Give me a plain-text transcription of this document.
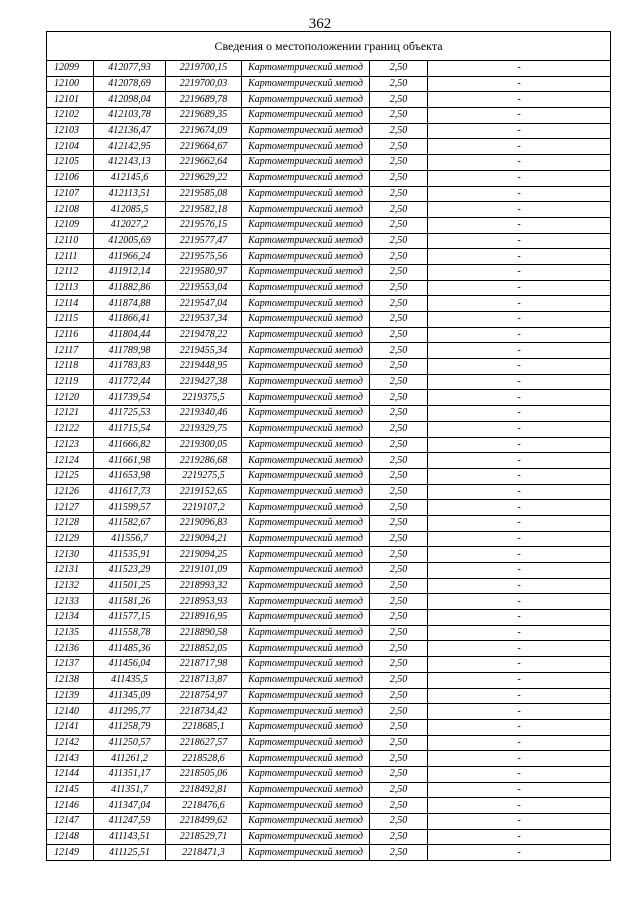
362
Сведения о местоположении границ объекта					
12099	412077,93	2219700,15	Картометрический метод	2,50	-
12100	412078,69	2219700,03	Картометрический метод	2,50	-
12101	412098,04	2219689,78	Картометрический метод	2,50	-
12102	412103,78	2219689,35	Картометрический метод	2,50	-
12103	412136,47	2219674,09	Картометрический метод	2,50	-
12104	412142,95	2219664,67	Картометрический метод	2,50	-
12105	412143,13	2219662,64	Картометрический метод	2,50	-
12106	412145,6	2219629,22	Картометрический метод	2,50	-
12107	412113,51	2219585,08	Картометрический метод	2,50	-
12108	412085,5	2219582,18	Картометрический метод	2,50	-
12109	412027,2	2219576,15	Картометрический метод	2,50	-
12110	412005,69	2219577,47	Картометрический метод	2,50	-
12111	411966,24	2219575,56	Картометрический метод	2,50	-
12112	411912,14	2219580,97	Картометрический метод	2,50	-
12113	411882,86	2219553,04	Картометрический метод	2,50	-
12114	411874,88	2219547,04	Картометрический метод	2,50	-
12115	411866,41	2219537,34	Картометрический метод	2,50	-
12116	411804,44	2219478,22	Картометрический метод	2,50	-
12117	411789,98	2219455,34	Картометрический метод	2,50	-
12118	411783,83	2219448,95	Картометрический метод	2,50	-
12119	411772,44	2219427,38	Картометрический метод	2,50	-
12120	411739,54	2219375,5	Картометрический метод	2,50	-
12121	411725,53	2219340,46	Картометрический метод	2,50	-
12122	411715,54	2219329,75	Картометрический метод	2,50	-
12123	411666,82	2219300,05	Картометрический метод	2,50	-
12124	411661,98	2219286,68	Картометрический метод	2,50	-
12125	411653,98	2219275,5	Картометрический метод	2,50	-
12126	411617,73	2219152,65	Картометрический метод	2,50	-
12127	411599,57	2219107,2	Картометрический метод	2,50	-
12128	411582,67	2219096,83	Картометрический метод	2,50	-
12129	411556,7	2219094,21	Картометрический метод	2,50	-
12130	411535,91	2219094,25	Картометрический метод	2,50	-
12131	411523,29	2219101,09	Картометрический метод	2,50	-
12132	411501,25	2218993,32	Картометрический метод	2,50	-
12133	411581,26	2218953,93	Картометрический метод	2,50	-
12134	411577,15	2218916,95	Картометрический метод	2,50	-
12135	411558,78	2218890,58	Картометрический метод	2,50	-
12136	411485,36	2218852,05	Картометрический метод	2,50	-
12137	411456,04	2218717,98	Картометрический метод	2,50	-
12138	411435,5	2218713,87	Картометрический метод	2,50	-
12139	411345,09	2218754,97	Картометрический метод	2,50	-
12140	411295,77	2218734,42	Картометрический метод	2,50	-
12141	411258,79	2218685,1	Картометрический метод	2,50	-
12142	411250,57	2218627,57	Картометрический метод	2,50	-
12143	411261,2	2218528,6	Картометрический метод	2,50	-
12144	411351,17	2218505,06	Картометрический метод	2,50	-
12145	411351,7	2218492,81	Картометрический метод	2,50	-
12146	411347,04	2218476,6	Картометрический метод	2,50	-
12147	411247,59	2218499,62	Картометрический метод	2,50	-
12148	411143,51	2218529,71	Картометрический метод	2,50	-
12149	411125,51	2218471,3	Картометрический метод	2,50	-
